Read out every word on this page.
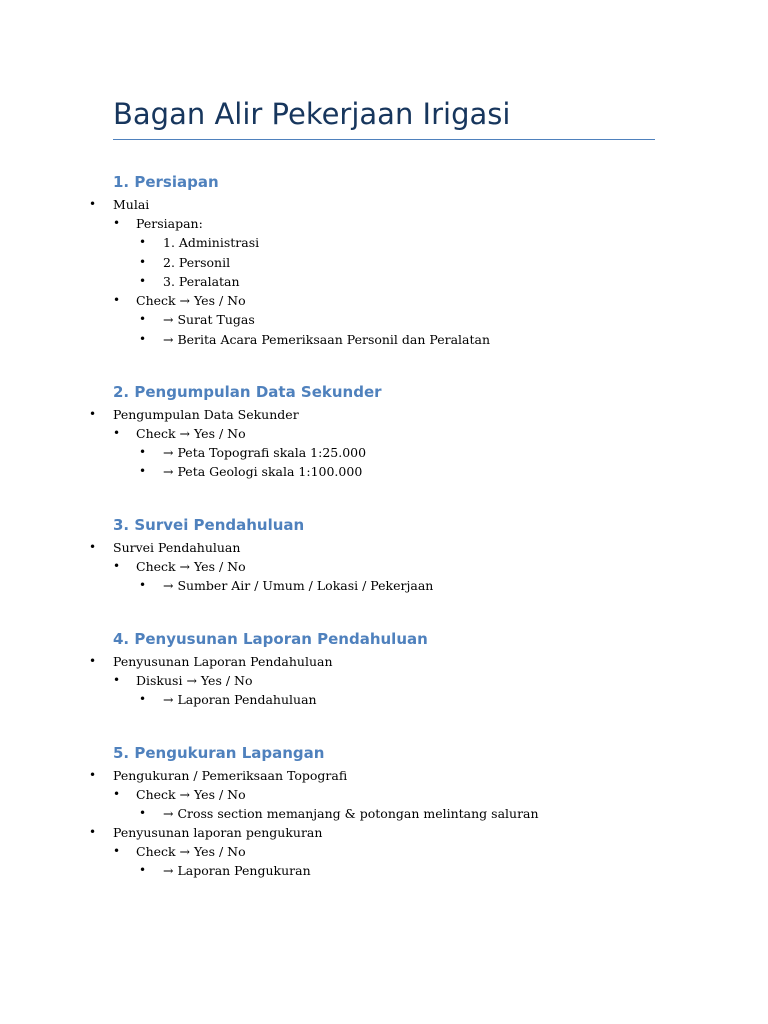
Bagan Alir Pekerjaan Irigasi
1. Persiapan
• Mulai
• Persiapan:
• 1. Administrasi
• 2. Personil
• 3. Peralatan
• Check → Yes / No
• → Surat Tugas
• → Berita Acara Pemeriksaan Personil dan Peralatan
2. Pengumpulan Data Sekunder
• Pengumpulan Data Sekunder
• Check → Yes / No
• → Peta Topografi skala 1:25.000
• → Peta Geologi skala 1:100.000
3. Survei Pendahuluan
• Survei Pendahuluan
• Check → Yes / No
• → Sumber Air / Umum / Lokasi / Pekerjaan
4. Penyusunan Laporan Pendahuluan
• Penyusunan Laporan Pendahuluan
• Diskusi → Yes / No
• → Laporan Pendahuluan
5. Pengukuran Lapangan
• Pengukuran / Pemeriksaan Topografi
• Check → Yes / No
• → Cross section memanjang & potongan melintang saluran
• Penyusunan laporan pengukuran
• Check → Yes / No
• → Laporan Pengukuran
